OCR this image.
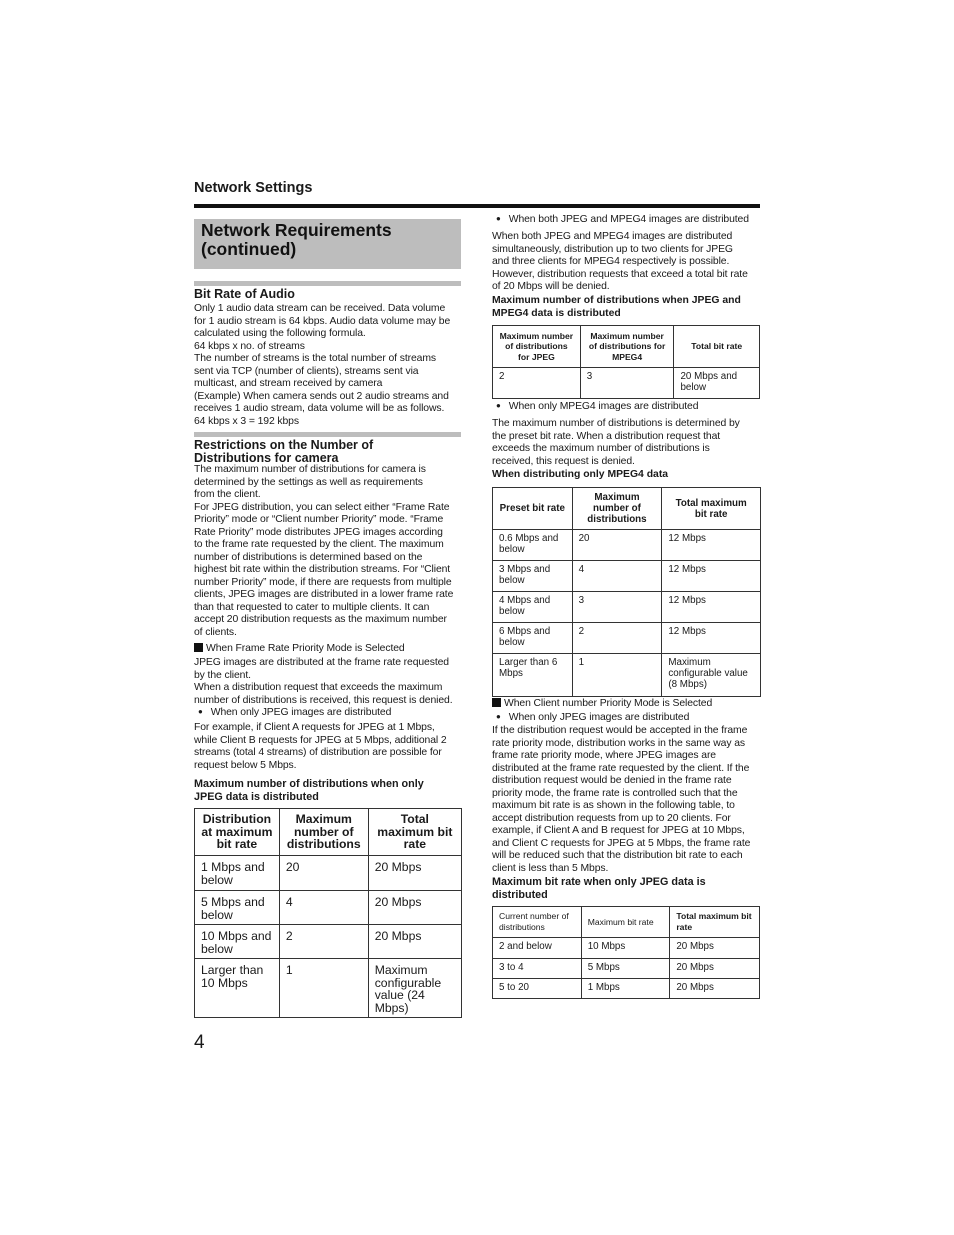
Network Settings
Network Requirements
(continued)
Bit Rate of Audio
Only 1 audio data stream can be received. Data volume
for 1 audio stream is 64 kbps. Audio data volume may be
calculated using the following formula.
64 kbps x no. of streams
The number of streams is the total number of streams
sent via TCP (number of clients), streams sent via
multicast, and stream received by camera
(Example) When camera sends out 2 audio streams and
receives 1 audio stream, data volume will be as follows.
64 kbps x 3 = 192 kbps
Restrictions on the Number of
Distributions for camera
The maximum number of distributions for camera is
determined by the settings as well as requirements
from the client.
For JPEG distribution, you can select either “Frame Rate
Priority” mode or “Client number Priority” mode. “Frame
Rate Priority” mode distributes JPEG images according
to the frame rate requested by the client. The maximum
number of distributions is determined based on the
highest bit rate within the distribution streams. For “Client
number Priority” mode, if there are requests from multiple
clients, JPEG images are distributed in a lower frame rate
than that requested to cater to multiple clients. It can
accept 20 distribution requests as the maximum number
of clients.
When Frame Rate Priority Mode is Selected
JPEG images are distributed at the frame rate requested
by the client.
When a distribution request that exceeds the maximum
number of distributions is received, this request is denied.
● When only JPEG images are distributed
For example, if Client A requests for JPEG at 1 Mbps,
while Client B requests for JPEG at 5 Mbps, additional 2
streams (total 4 streams) of distribution are possible for
request below 5 Mbps.
Maximum number of distributions when only
JPEG data is distributed
Distribution at maximum bit rate	Maximum number of distributions	Total maximum bit rate
1 Mbps and below	20	20 Mbps
5 Mbps and below	4	20 Mbps
10 Mbps and below	2	20 Mbps
Larger than 10 Mbps	1	Maximum configurable value (24 Mbps)
4
● When both JPEG and MPEG4 images are distributed
When both JPEG and MPEG4 images are distributed
simultaneously, distribution up to two clients for JPEG
and three clients for MPEG4 respectively is possible.
However, distribution requests that exceed a total bit rate
of 20 Mbps will be denied.
Maximum number of distributions when JPEG and
MPEG4 data is distributed
Maximum number of distributions for JPEG	Maximum number of distributions for MPEG4	Total bit rate
2	3	20 Mbps and below
● When only MPEG4 images are distributed
The maximum number of distributions is determined by
the preset bit rate. When a distribution request that
exceeds the maximum number of distributions is
received, this request is denied.
When distributing only MPEG4 data
Preset bit rate	Maximum number of distributions	Total maximum bit rate
0.6 Mbps and below	20	12 Mbps
3 Mbps and below	4	12 Mbps
4 Mbps and below	3	12 Mbps
6 Mbps and below	2	12 Mbps
Larger than 6 Mbps	1	Maximum configurable value (8 Mbps)
When Client number Priority Mode is Selected
● When only JPEG images are distributed
If the distribution request would be accepted in the frame
rate priority mode, distribution works in the same way as
frame rate priority mode, where JPEG images are
distributed at the frame rate requested by the client. If the
distribution request would be denied in the frame rate
priority mode, the frame rate is controlled such that the
maximum bit rate is as shown in the following table, to
accept distribution requests from up to 20 clients. For
example, if Client A and B request for JPEG at 10 Mbps,
and Client C requests for JPEG at 5 Mbps, the frame rate
will be reduced such that the distribution bit rate to each
client is less than 5 Mbps.
Maximum bit rate when only JPEG data is
distributed
Current number of distributions	Maximum bit rate	Total maximum bit rate
2 and below	10 Mbps	20 Mbps
3 to 4	5 Mbps	20 Mbps
5 to 20	1 Mbps	20 Mbps
